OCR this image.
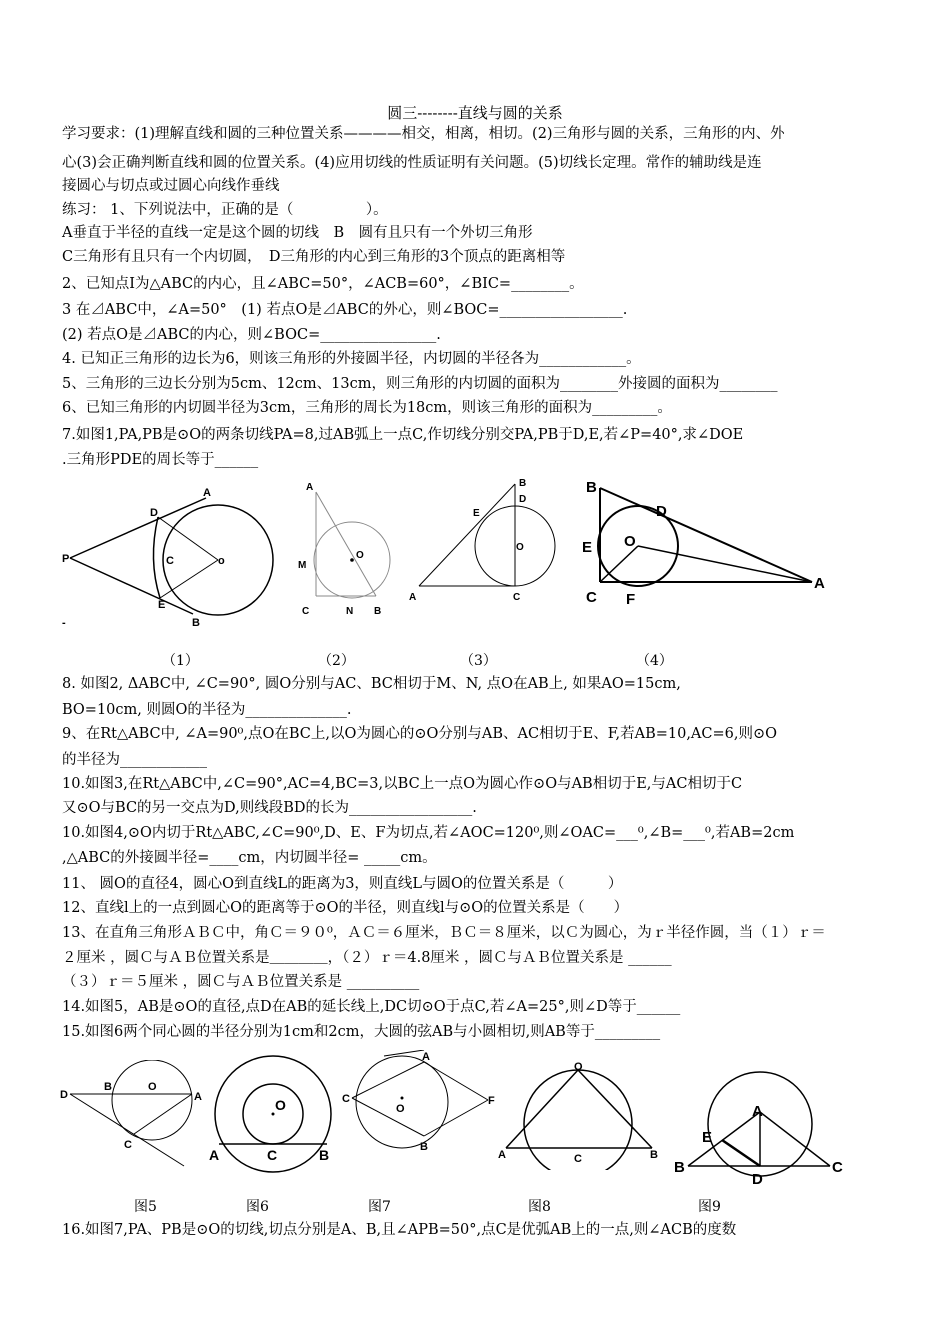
圆三--------直线与圆的关系
学习要求：(1)理解直线和圆的三种位置关系————相交，相离，相切。(2)三角形与圆的关系，三角形的内、外
心(3)会正确判断直线和圆的位置关系。(4)应用切线的性质证明有关问题。(5)切线长定理。常作的辅助线是连
接圆心与切点或过圆心向线作垂线
练习： 1、下列说法中，正确的是（　　　　　）。
A垂直于半径的直线一定是这个圆的切线　B　圆有且只有一个外切三角形
C三角形有且只有一个内切圆，　D三角形的内心到三角形的3个顶点的距离相等
2、已知点I为△ABC的内心，且∠ABC=50°，∠ACB=60°，∠BIC=________。
3 在⊿ABC中，∠A=50°　(1) 若点O是⊿ABC的外心，则∠BOC=_________________.
(2) 若点O是⊿ABC的内心，则∠BOC=________________.
4. 已知正三角形的边长为6，则该三角形的外接圆半径，内切圆的半径各为____________。
5、三角形的三边长分别为5cm、12cm、13cm，则三角形的内切圆的面积为________外接圆的面积为________
6、已知三角形的内切圆半径为3cm，三角形的周长为18cm，则该三角形的面积为_________。
7.如图1,PA,PB是⊙O的两条切线PA=8,过AB弧上一点C,作切线分别交PA,PB于D,E,若∠P=40°,求∠DOE
.三角形PDE的周长等于______
A
D
P	C	o
E
B
-
A
O
M
C	N B
B
D
E
O
A	C
B
D
E O
C F
A
（1）	（2）	（3）	（4）
8. 如图2, ΔABC中, ∠C=90°, 圆O分别与AC、BC相切于M、N, 点O在AB上, 如果AO=15cm,
BO=10cm, 则圆O的半径为______________.
9、在Rt△ABC中, ∠A=90⁰,点O在BC上,以O为圆心的⊙O分别与AB、AC相切于E、F,若AB=10,AC=6,则⊙O
的半径为____________
10.如图3,在Rt△ABC中,∠C=90°,AC=4,BC=3,以BC上一点O为圆心作⊙O与AB相切于E,与AC相切于C
又⊙O与BC的另一交点为D,则线段BD的长为_________________.
10.如图4,⊙O内切于Rt△ABC,∠C=90⁰,D、E、F为切点,若∠AOC=120⁰,则∠OAC=___⁰,∠B=___⁰,若AB=2cm
,△ABC的外接圆半径=____cm，内切圆半径= _____cm。
11、 圆O的直径4，圆心O到直线L的距离为3，则直线L与圆O的位置关系是（　　　）
12、直线l上的一点到圆心O的距离等于⊙O的半径，则直线l与⊙O的位置关系是（　　）
13、在直角三角形ＡＢＣ中，角Ｃ＝９０⁰，ＡＣ＝６厘米，ＢＣ＝８厘米，以Ｃ为圆心，为ｒ半径作圆，当（１）ｒ＝
２厘米 ，圆Ｃ与ＡＢ位置关系是＿＿＿＿，（２）ｒ＝4.8厘米 ，圆Ｃ与ＡＢ位置关系是 ______
（３）ｒ＝５厘米 ，圆Ｃ与ＡＢ位置关系是 __________
14.如图5，AB是⊙O的直径,点D在AB的延长线上,DC切⊙O于点C,若∠A=25°,则∠D等于______
15.如图6两个同心圆的半径分别为1cm和2cm，大圆的弦AB与小圆相切,则AB等于_________
D
B	O
A
C
O
A	C	B
A
C
O
F
B
O
A	C	B
A
E
B
D
C
图5	图6	图7	图8	图9
16.如图7,PA、PB是⊙O的切线,切点分别是A、B,且∠APB=50°,点C是优弧AB上的一点,则∠ACB的度数
